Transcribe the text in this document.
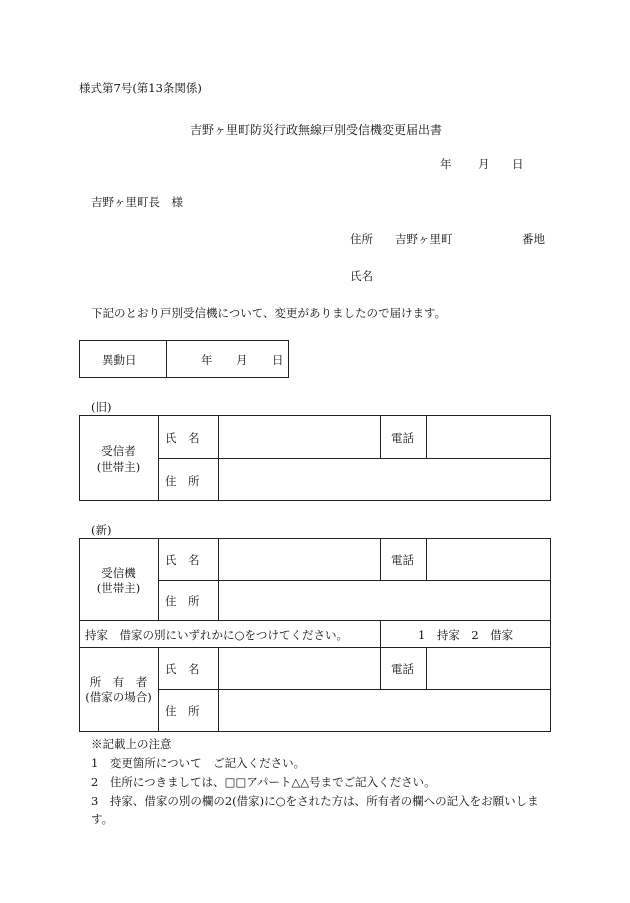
様式第7号(第13条関係)
吉野ヶ里町防災行政無線戸別受信機変更届出書
年 月 日
吉野ヶ里町長　様
住所 吉野ヶ里町	番地
氏名
下記のとおり戸別受信機について、変更がありましたので届けます。
異動日	年 月 日
(旧)
受信者
(世帯主)
氏　名	電話
住　所
(新)
受信機
(世帯主)
氏　名	電話
住　所
持家　借家の別にいずれかに○をつけてください。	1　持家　2　借家
所　有　者
(借家の場合)
氏　名	電話
住　所
※記載上の注意
1　変更箇所について　ご記入ください。
2　住所につきましては、□□アパート△△号までご記入ください。
3　持家、借家の別の欄の2(借家)に○をされた方は、所有者の欄への記入をお願いしま
す。
